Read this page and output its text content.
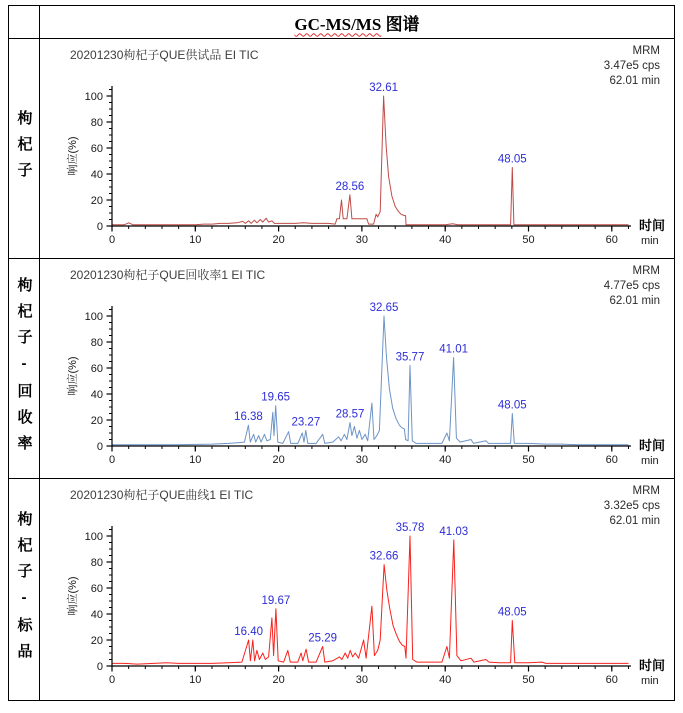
GC-MS/MS 图谱
枸杞子
0	10	20	30	40	50	60
0
20
40
60
80
100
响应(%)
时间
min
28.56
32.61
48.05
20201230枸杞子QUE供试品 EI TIC	MRM
3.47e5 cps
62.01 min
枸杞子-回收率	0	10	20	30	40	50	60
0
20
40
60
80
100
响应(%)
时间
min
16.38
19.65
23.27
28.57
32.65
35.77
41.01
48.05
20201230枸杞子QUE回收率1 EI TIC	MRM
4.77e5 cps
62.01 min
枸杞子-标品
0	10	20	30	40	50	60
0
20
40
60
80
100
响应(%)
时间
min
16.40
19.67
25.29
32.66
35.78 41.03
48.05
20201230枸杞子QUE曲线1 EI TIC	MRM
3.32e5 cps
62.01 min
